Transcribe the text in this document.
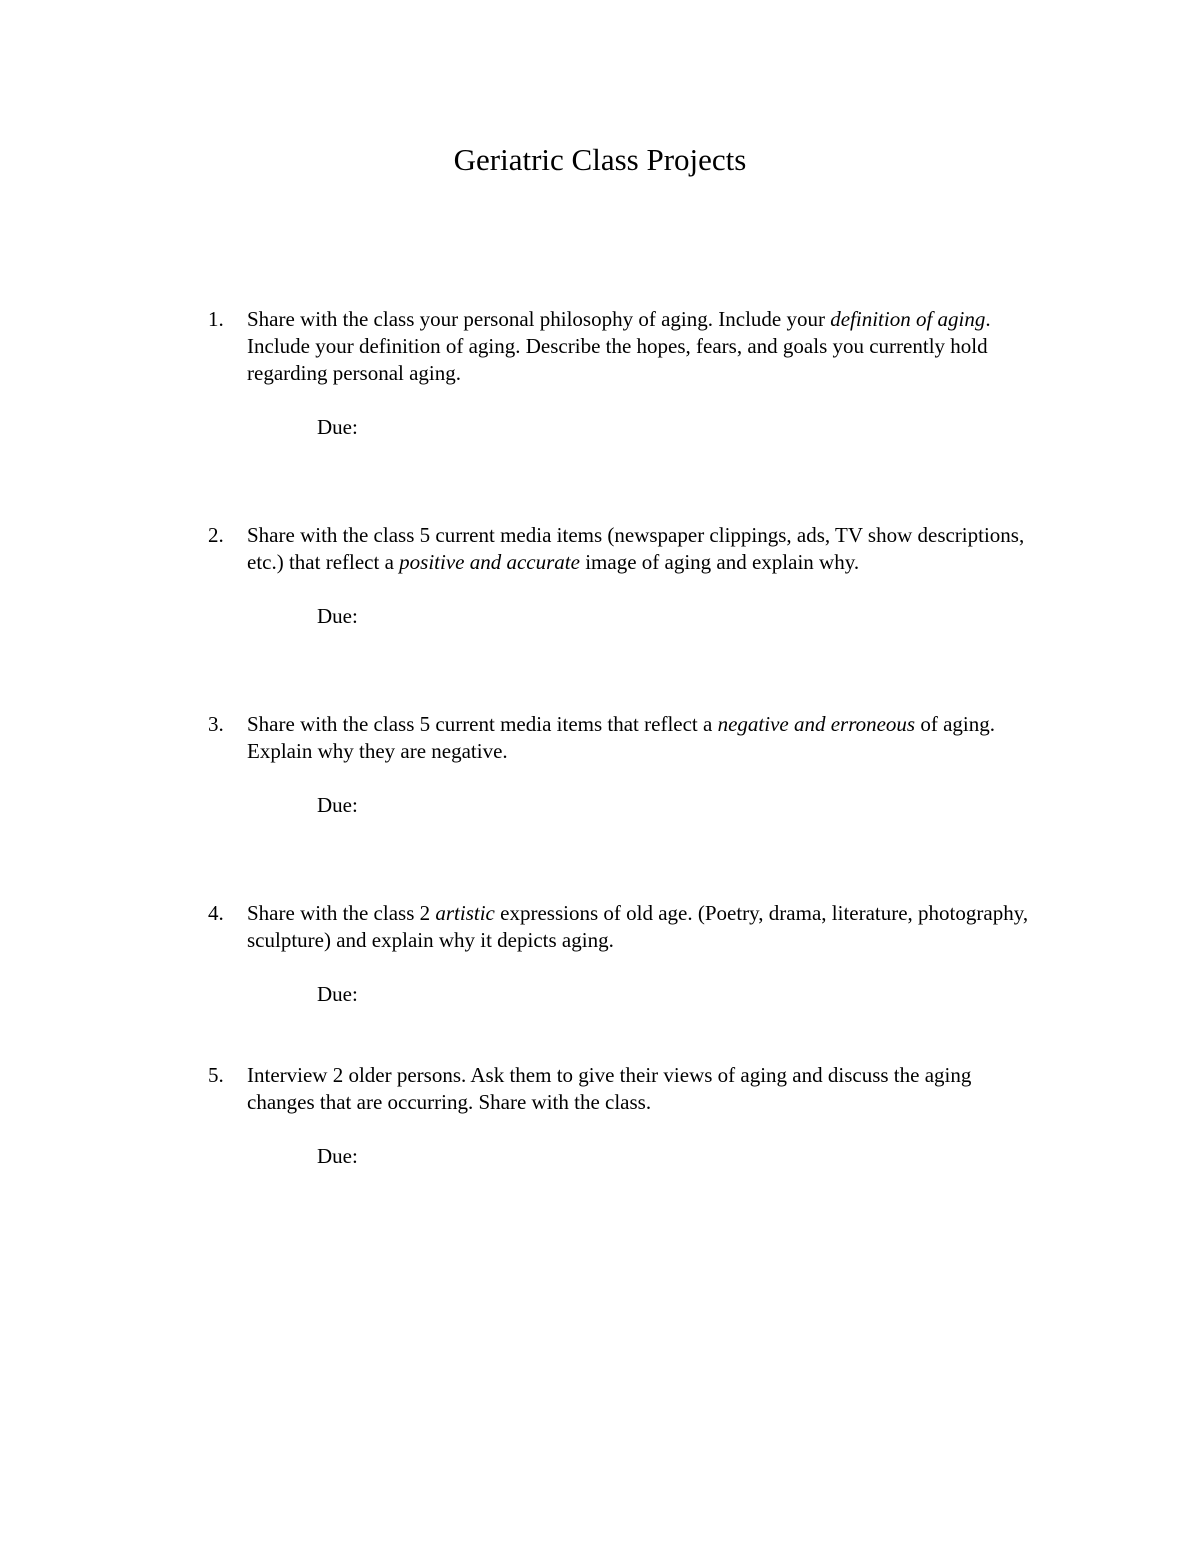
Geriatric Class Projects
1.	Share with the class your personal philosophy of aging. Include your definition of aging. Include your definition of aging. Describe the hopes, fears, and goals you currently hold regarding personal aging.
Due:
2.	Share with the class 5 current media items (newspaper clippings, ads, TV show descriptions, etc.) that reflect a positive and accurate image of aging and explain why.
Due:
3.	Share with the class 5 current media items that reflect a negative and erroneous of aging. Explain why they are negative.
Due:
4.	Share with the class 2 artistic expressions of old age. (Poetry, drama, literature, photography, sculpture) and explain why it depicts aging.
Due:
5.	Interview 2 older persons. Ask them to give their views of aging and discuss the aging changes that are occurring. Share with the class.
Due:
